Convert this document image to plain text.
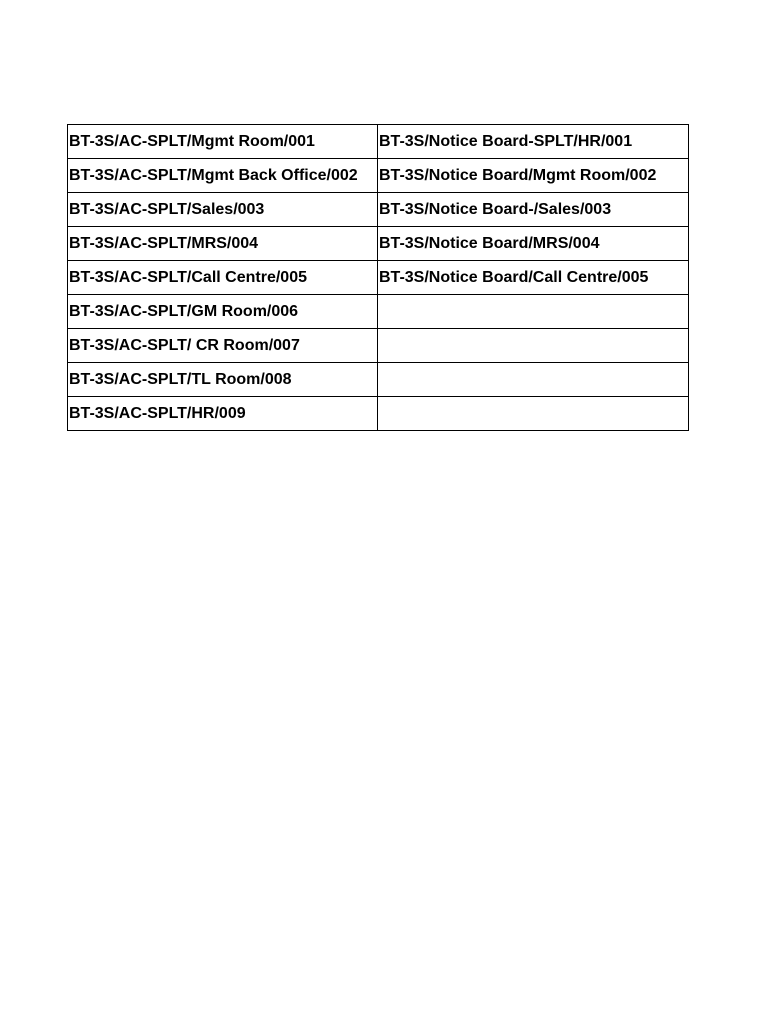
BT-3S/AC-SPLT/Mgmt Room/001	BT-3S/Notice Board-SPLT/HR/001
BT-3S/AC-SPLT/Mgmt Back Office/002	BT-3S/Notice Board/Mgmt Room/002
BT-3S/AC-SPLT/Sales/003	BT-3S/Notice Board-/Sales/003
BT-3S/AC-SPLT/MRS/004	BT-3S/Notice Board/MRS/004
BT-3S/AC-SPLT/Call Centre/005	BT-3S/Notice Board/Call Centre/005
BT-3S/AC-SPLT/GM Room/006	
BT-3S/AC-SPLT/ CR Room/007	
BT-3S/AC-SPLT/TL Room/008	
BT-3S/AC-SPLT/HR/009	
